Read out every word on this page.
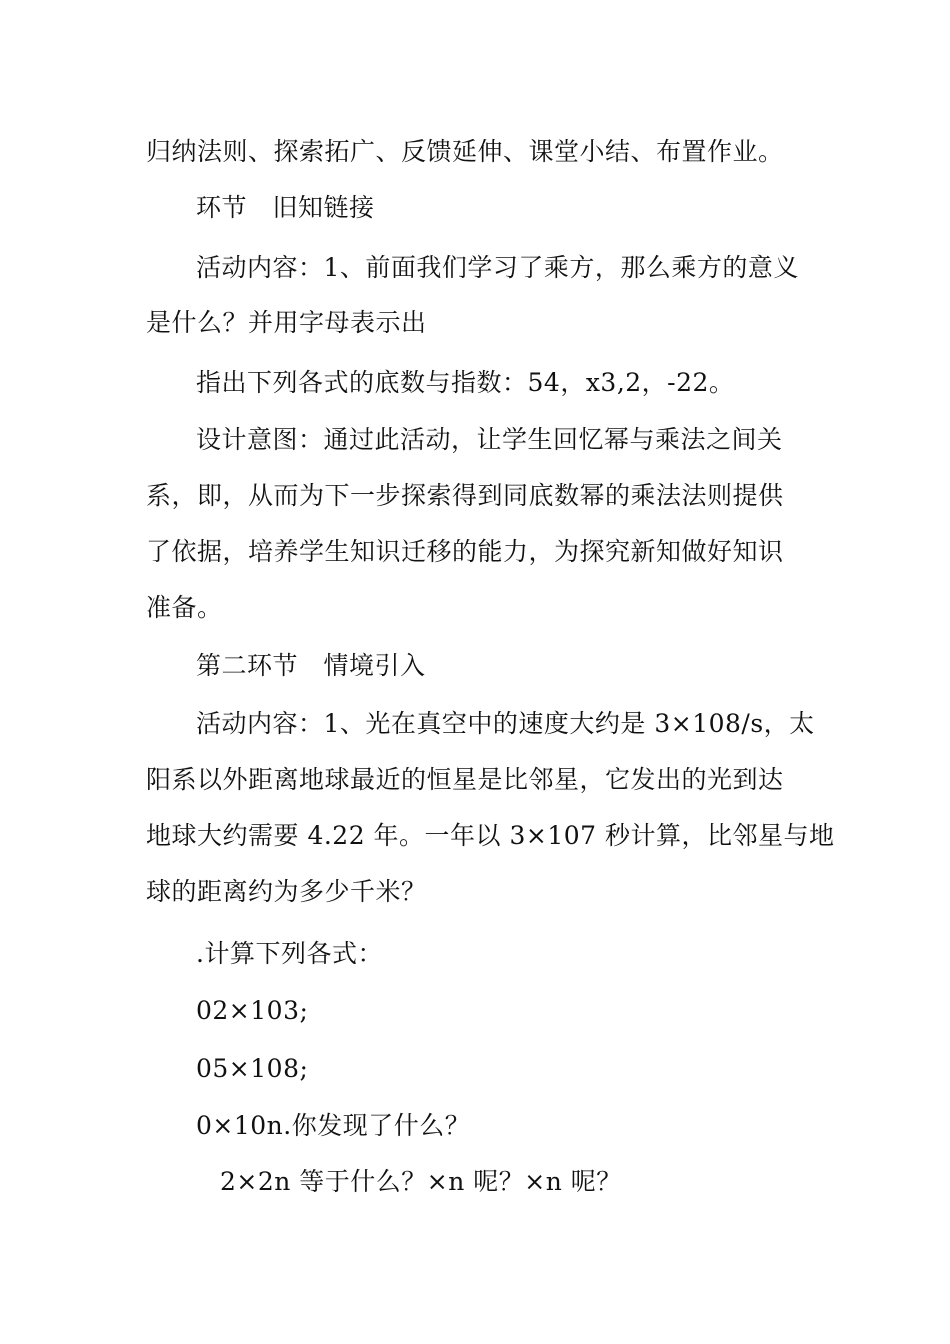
归纳法则、探索拓广、反馈延伸、课堂小结、布置作业。
环节　旧知链接
活动内容：1、前面我们学习了乘方，那么乘方的意义
是什么？并用字母表示出
指出下列各式的底数与指数：54，x3,2，-22。
设计意图：通过此活动，让学生回忆幂与乘法之间关
系，即，从而为下一步探索得到同底数幂的乘法法则提供
了依据，培养学生知识迁移的能力，为探究新知做好知识
准备。
第二环节　情境引入
活动内容：1、光在真空中的速度大约是 3×108/s，太
阳系以外距离地球最近的恒星是比邻星，它发出的光到达
地球大约需要 4.22 年。一年以 3×107 秒计算，比邻星与地
球的距离约为多少千米？
.计算下列各式：
02×103;
05×108;
0×10n.你发现了什么？
2×2n 等于什么？×n 呢？×n 呢？
